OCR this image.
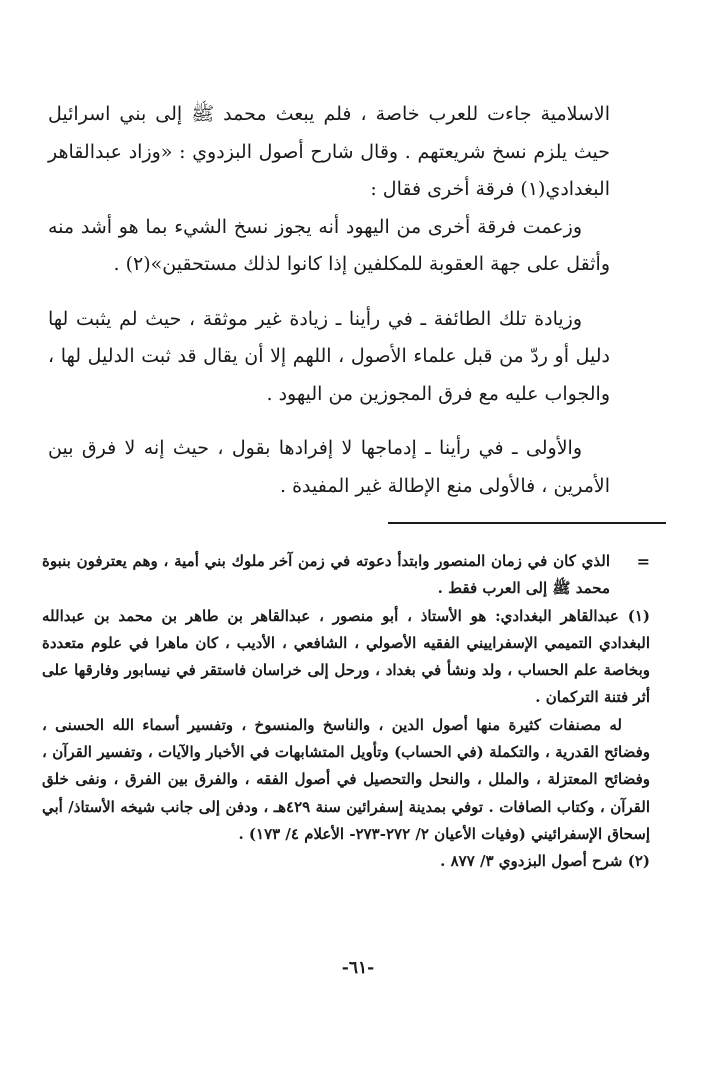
الاسلامية جاءت للعرب خاصة ، فلم يبعث محمد ﷺ إلى بني اسرائيل حيث يلزم نسخ شريعتهم . وقال شارح أصول البزدوي : «وزاد عبدالقاهر البغدادي(١) فرقة أخرى فقال :

وزعمت فرقة أخرى من اليهود أنه يجوز نسخ الشيء بما هو أشد منه وأثقل على جهة العقوبة للمكلفين إذا كانوا لذلك مستحقين»(٢) .

وزيادة تلك الطائفة ـ في رأينا ـ زيادة غير موثقة ، حيث لم يثبت لها دليل أو ردّ من قبل علماء الأصول ، اللهم إلا أن يقال قد ثبت الدليل لها ، والجواب عليه مع فرق المجوزين من اليهود .

والأولى ـ في رأينا ـ إدماجها لا إفرادها بقول ، حيث إنه لا فرق بين الأمرين ، فالأولى منع الإطالة غير المفيدة .

=

الذي كان في زمان المنصور وابتدأ دعوته في زمن آخر ملوك بني أمية ، وهم يعترفون بنبوة محمد ﷺ إلى العرب فقط .

(١) عبدالقاهر البغدادي: هو الأستاذ ، أبو منصور ، عبدالقاهر بن طاهر بن محمد بن عبدالله البغدادي التميمي الإسفراييني الفقيه الأصولي ، الشافعي ، الأديب ، كان ماهرا في علوم متعددة وبخاصة علم الحساب ، ولد ونشأ في بغداد ، ورحل إلى خراسان فاستقر في نيسابور وفارقها على أثر فتنة التركمان .

له مصنفات كثيرة منها أصول الدين ، والناسخ والمنسوخ ، وتفسير أسماء الله الحسنى ، وفضائح القدرية ، والتكملة (في الحساب) وتأويل المتشابهات في الأخبار والآيات ، وتفسير القرآن ، وفضائح المعتزلة ، والملل ، والنحل والتحصيل في أصول الفقه ، والفرق بين الفرق ، ونفى خلق القرآن ، وكتاب الصافات . توفي بمدينة إسفرائين سنة ٤٢٩هـ ، ودفن إلى جانب شيخه الأستاذ/ أبي إسحاق الإسفرائيني (وفيات الأعيان ٢/ ٢٧٢-٢٧٣- الأعلام ٤/ ١٧٣) .

(٢) شرح أصول البزدوي ٣/ ٨٧٧ .

-٦١-
